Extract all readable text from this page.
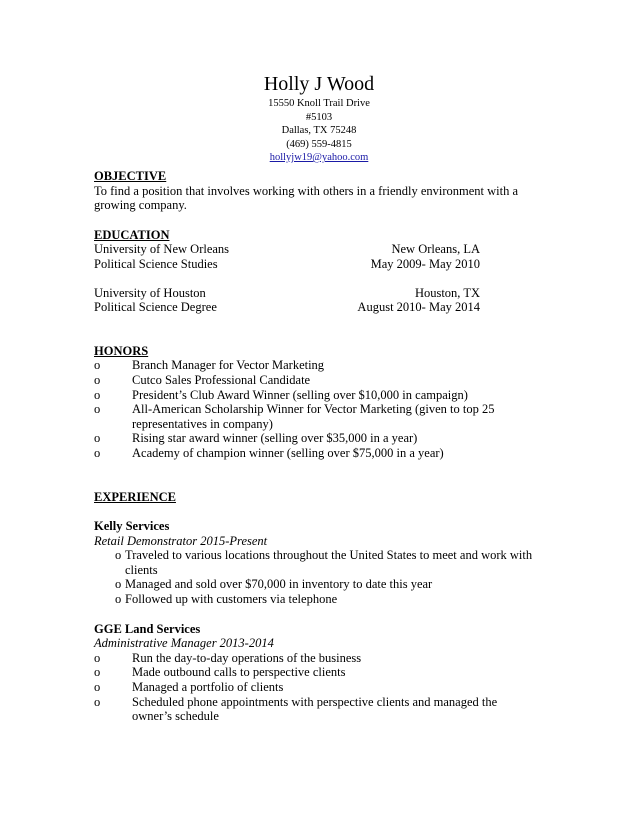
Holly J Wood
15550 Knoll Trail Drive
#5103
Dallas, TX 75248
(469) 559-4815
hollyjw19@yahoo.com
OBJECTIVE
To find a position that involves working with others in a friendly environment with a growing company.
EDUCATION
University of New Orleans	New Orleans, LA
Political Science Studies	May 2009- May 2010
University of Houston	Houston, TX
Political Science Degree	August 2010- May 2014
HONORS
o	Branch Manager for Vector Marketing
o	Cutco Sales Professional Candidate
o	President’s Club Award Winner (selling over $10,000 in campaign)
o	All-American Scholarship Winner for Vector Marketing (given to top 25 representatives in company)
o	Rising star award winner (selling over $35,000 in a year)
o	Academy of champion winner (selling over $75,000 in a year)
EXPERIENCE
Kelly Services
Retail Demonstrator 2015-Present
o Traveled to various locations throughout the United States to meet and work with clients
o Managed and sold over $70,000 in inventory to date this year
o Followed up with customers via telephone
GGE Land Services
Administrative Manager 2013-2014
o	Run the day-to-day operations of the business
o	Made outbound calls to perspective clients
o	Managed a portfolio of clients
o	Scheduled phone appointments with perspective clients and managed the owner’s schedule
